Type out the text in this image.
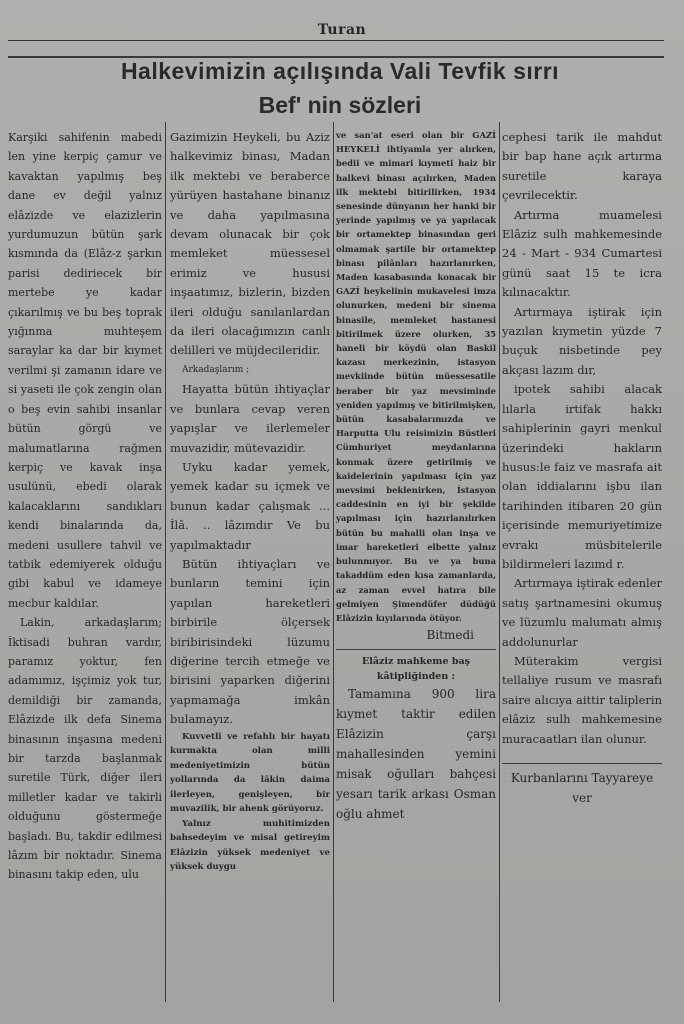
Turan
Halkevimizin açılışında Vali Tevfik sırrı
Bef' nin sözleri

Karşiki sahifenin mabedi len yine kerpiç çamur ve kavaktan yapılmış beş dane ev değil yalnız elâzizde ve elazizlerin yurdumuzun bütün şark kısmında da (Elâz-z şarkın parisi dediriecek bir mertebe ye kadar çıkarılmış ve bu beş toprak yığınma muhteşem saraylar ka dar bir kıymet verilmi şi zamanın idare ve si yaseti ile çok zengin olan o beş evin sahibi insanlar bütün görgü ve malumatlarına rağmen kerpiç ve kavak inşa usulünü, ebedi olarak kalacaklarını sandıkları kendi binalarında da, medeni usullere tahvil ve tatbik edemiyerek olduğu gibi kabul ve idameye mecbur kaldılar.

Lakin, arkadaşlarım; İktisadi buhran vardır, paramız yoktur, fen adamımız, işçimiz yok tur, demildiği bir zamanda, Elâzizde ilk defa Sinema binasının inşasına medeni bir tarzda başlanmak suretile Türk, diğer ileri milletler kadar ve takirli olduğunu göstermeğe başladı. Bu, takdir edilmesi lâzım bir noktadır. Sinema binasını takip eden, ulu

Gazimizin Heykeli, bu Aziz halkevimiz binası, Madan ilk mektebi ve beraberce yürüyen hastahane binanız ve daha yapılmasına devam olunacak bir çok memleket müessesel erimiz ve hususi inşaatımız, bizlerin, bizden ileri olduğu sanılanlardan da ileri olacağımızın canlı delilleri ve müjdecileridir.

Arkadaşlarım ;

Hayatta bütün ihtiyaçlar ve bunlara cevap veren yapışlar ve ilerlemeler muvazidir, mütevazidir.

Uyku kadar yemek, yemek kadar su içmek ve bunun kadar çalışmak ... İlâ. .. lâzımdır Ve bu yapılmaktadır

Bütün ihtiyaçları ve bunların temini için yapılan hareketleri birbirile ölçersek biribirisindeki lüzumu diğerine tercih etmeğe ve birisini yaparken diğerini yapmamağa imkân bulamayız.

Kuvvetli ve refahlı bir hayatı kurmakta olan milli medeniyetimizin bütün yollarında da lâkin daima ilerleyen, genişleyen, bir muvazilik, bir ahenk görüyoruz.

Yalnız muhitimizden bahsedeyim ve misal getireyim Elâzizin yüksek medeniyet ve yüksek duygu

ve san'at eseri olan bir GAZİ HEYKELİ ihtiyamla yer alırken, bedii ve mimari kıymeti haiz bir halkevi binası açılırken, Maden ilk mektebi bitirilirken, 1934 senesinde dünyanın her hanki bir yerinde yapılmış ve ya yapılacak bir ortamektep binasından geri olmamak şartile bir ortamektep binası pilânları hazırlanırken, Maden kasabasında konacak bir GAZİ heykelinin mukavelesi imza olunurken, medeni bir sinema binasile, memleket hastanesi bitirilmek üzere olurken, 35 haneli bir köydü olan Baskil kazası merkezinin, istasyon mevkiinde bütün müessesatile beraber bir yaz mevsiminde yeniden yapılmış ve bitirilmişken, bütün kasabalarımızda ve Harputta Ulu reisimizin Büstleri Cümhuriyet meydanlarına konmak üzere getirilmiş ve kaidelerinin yapılması için yaz mevsimi beklenirken, İstasyon caddesinin en iyi bir şekilde yapılması için hazırlanılırken bütün bu mahalli olan inşa ve imar hareketleri elbette yalnız bulunmıyor. Bu ve ya buna takaddüm eden kısa zamanlarda, az zaman evvel hatıra bile gelmiyen Şimendüfer düdüğü Elâzizin kıyılarında ötüyor.

Bitmedi

Elâziz mahkeme baş kâtipliğinden :

Tamamına 900 lira kıymet taktir edilen Elâzizin çarşı mahallesinden yemini misak oğulları bahçesi yesarı tarik arkası Osman oğlu ahmet

cephesi tarik ile mahdut bir bap hane açık artırma suretile karaya çevrilecektir.

Artırma muamelesi Elâziz sulh mahkemesinde 24 - Mart - 934 Cumartesi günü saat 15 te icra kılınacaktır.

Artırmaya iştirak için yazılan kıymetin yüzde 7 buçuk nisbetinde pey akçası lazım dır,

ipotek sahibi alacak lılarla irtifak hakkı sahiplerinin gayri menkul üzerindeki hakların husus:le faiz ve masrafa ait olan iddialarını işbu ilan tarihinden itibaren 20 gün içerisinde memuriyetimize evrakı müsbitelerile bildirmeleri lazımd r.

Artırmaya iştirak edenler satış şartnamesini okumuş ve lüzumlu malumatı almış addolunurlar

Müterakim vergisi tellaliye rusum ve masrafı saire alıcıya aittir taliplerin elâziz sulh mahkemesine muracaatları ilan olunur.

Kurbanlarını Tayyareye ver
